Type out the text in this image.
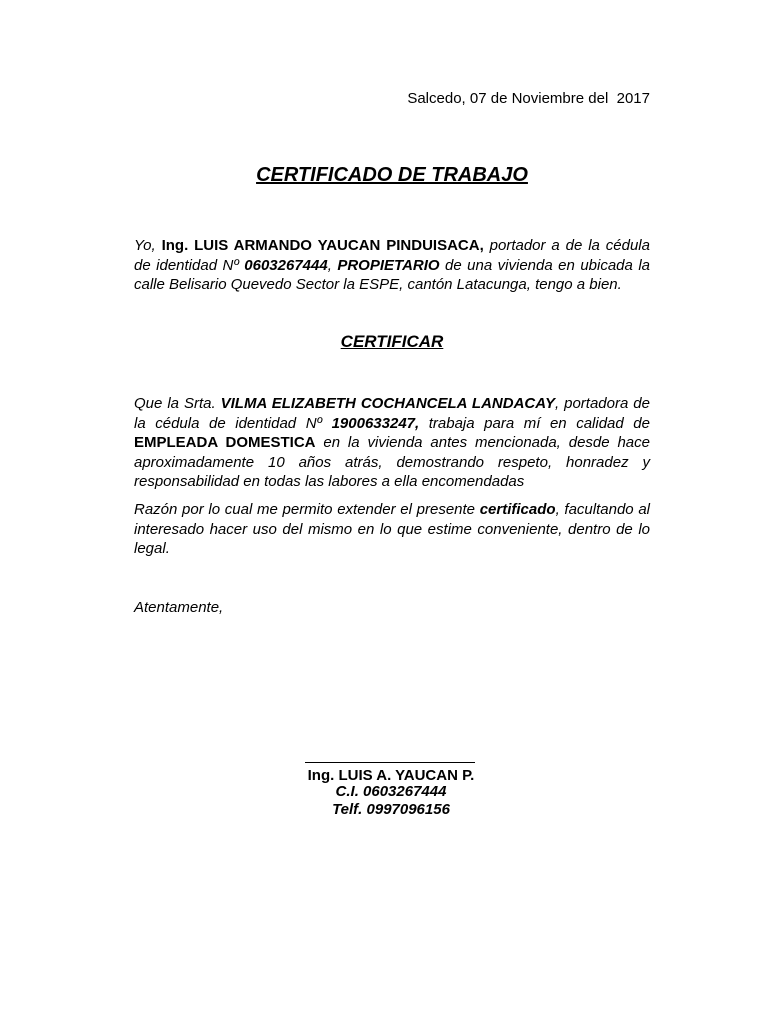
Salcedo, 07 de Noviembre del  2017
CERTIFICADO DE TRABAJO

Yo, Ing. LUIS ARMANDO YAUCAN PINDUISACA, portador a de la cédula de identidad Nº 0603267444, PROPIETARIO de una vivienda en ubicada la calle Belisario Quevedo Sector la ESPE, cantón Latacunga, tengo a bien.

CERTIFICAR

Que la Srta. VILMA ELIZABETH COCHANCELA LANDACAY, portadora de la cédula de identidad Nº 1900633247, trabaja para mí en calidad de EMPLEADA DOMESTICA en la vivienda antes mencionada, desde hace aproximadamente 10 años atrás, demostrando respeto, honradez y responsabilidad en todas las labores a ella encomendadas

Razón por lo cual me permito extender el presente certificado, facultando al interesado hacer uso del mismo en lo que estime conveniente, dentro de lo legal.

Atentamente,

Ing. LUIS A. YAUCAN P.
C.I. 0603267444
Telf. 0997096156
